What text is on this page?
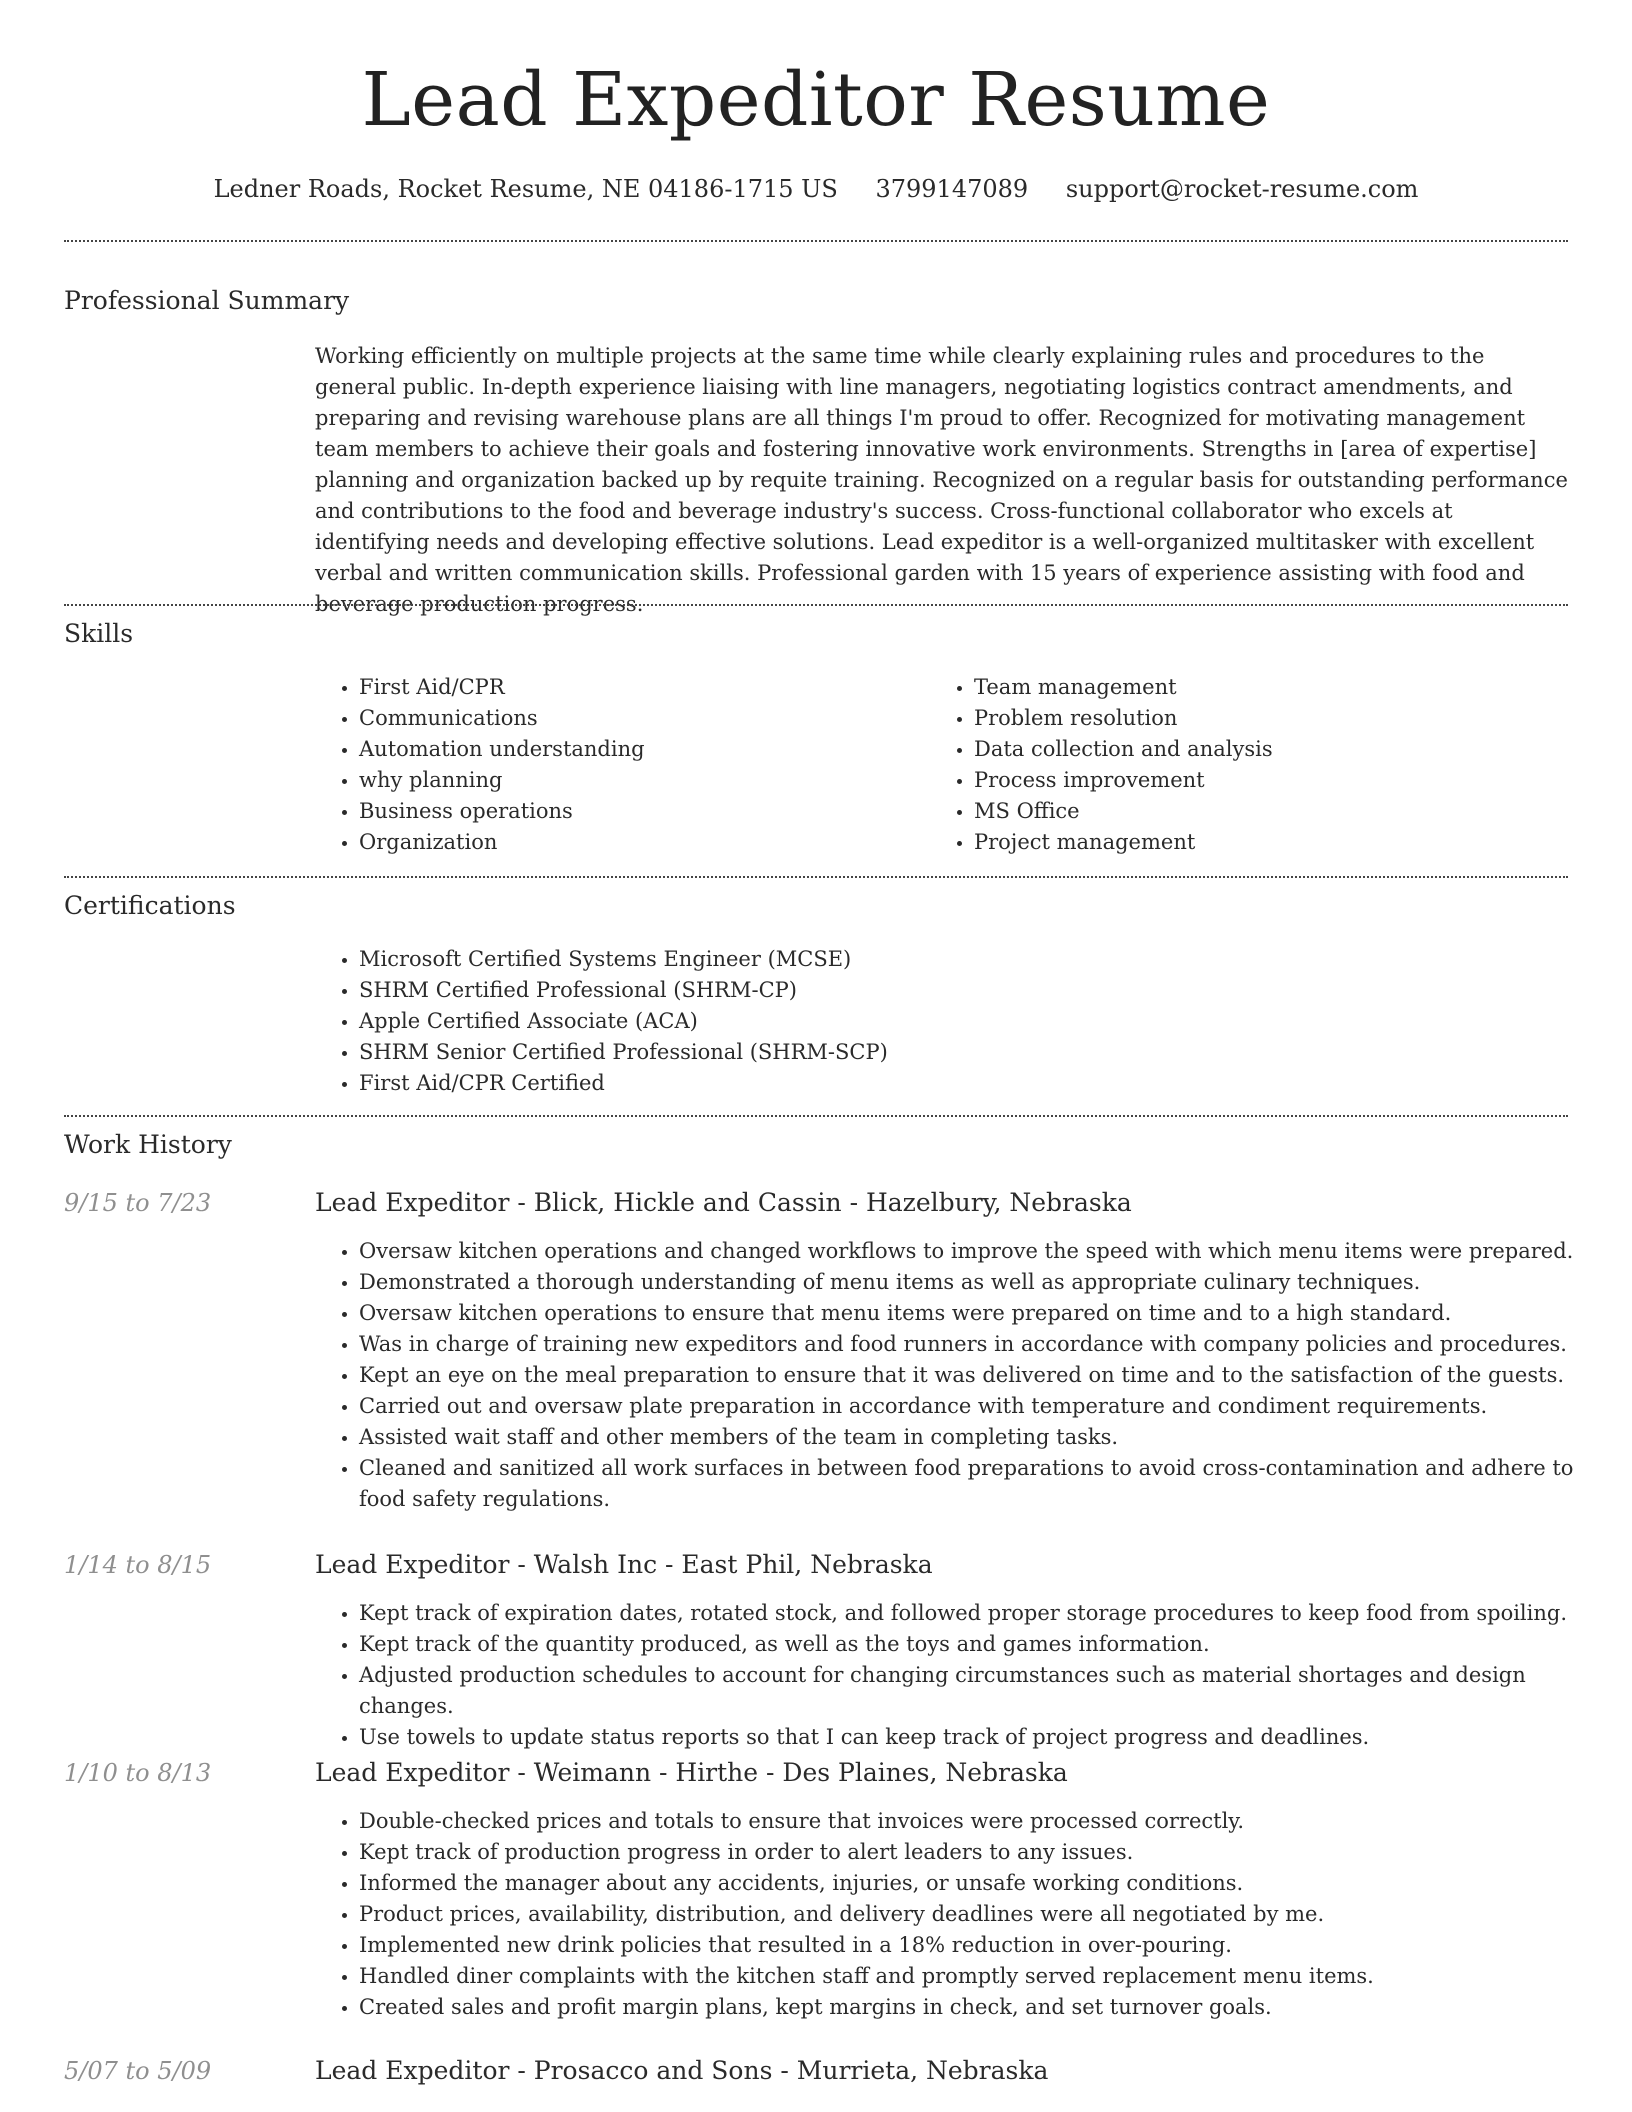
Lead Expeditor Resume
Ledner Roads, Rocket Resume, NE 04186-1715 US 3799147089 support@rocket-resume.com
Professional Summary

Working efficiently on multiple projects at the same time while clearly explaining rules and procedures to the general public. In-depth experience liaising with line managers, negotiating logistics contract amendments, and preparing and revising warehouse plans are all things I'm proud to offer. Recognized for motivating management team members to achieve their goals and fostering innovative work environments. Strengths in [area of expertise] planning and organization backed up by requite training. Recognized on a regular basis for outstanding performance and contributions to the food and beverage industry's success. Cross-functional collaborator who excels at identifying needs and developing effective solutions. Lead expeditor is a well-organized multitasker with excellent verbal and written communication skills. Professional garden with 15 years of experience assisting with food and beverage production progress.

Skills
• First Aid/CPR
• Communications
• Automation understanding
• why planning
• Business operations
• Organization
• Team management
• Problem resolution
• Data collection and analysis
• Process improvement
• MS Office
• Project management
Certifications
• Microsoft Certified Systems Engineer (MCSE)
• SHRM Certified Professional (SHRM-CP)
• Apple Certified Associate (ACA)
• SHRM Senior Certified Professional (SHRM-SCP)
• First Aid/CPR Certified
Work History
9/15 to 7/23	Lead Expeditor - Blick, Hickle and Cassin - Hazelbury, Nebraska
• Oversaw kitchen operations and changed workflows to improve the speed with which menu items were prepared.
• Demonstrated a thorough understanding of menu items as well as appropriate culinary techniques.
• Oversaw kitchen operations to ensure that menu items were prepared on time and to a high standard.
• Was in charge of training new expeditors and food runners in accordance with company policies and procedures.
• Kept an eye on the meal preparation to ensure that it was delivered on time and to the satisfaction of the guests.
• Carried out and oversaw plate preparation in accordance with temperature and condiment requirements.
• Assisted wait staff and other members of the team in completing tasks.
• Cleaned and sanitized all work surfaces in between food preparations to avoid cross-contamination and adhere to food safety regulations.
1/14 to 8/15	Lead Expeditor - Walsh Inc - East Phil, Nebraska
• Kept track of expiration dates, rotated stock, and followed proper storage procedures to keep food from spoiling.
• Kept track of the quantity produced, as well as the toys and games information.
• Adjusted production schedules to account for changing circumstances such as material shortages and design changes.
• Use towels to update status reports so that I can keep track of project progress and deadlines.
1/10 to 8/13	Lead Expeditor - Weimann - Hirthe - Des Plaines, Nebraska
• Double-checked prices and totals to ensure that invoices were processed correctly.
• Kept track of production progress in order to alert leaders to any issues.
• Informed the manager about any accidents, injuries, or unsafe working conditions.
• Product prices, availability, distribution, and delivery deadlines were all negotiated by me.
• Implemented new drink policies that resulted in a 18% reduction in over-pouring.
• Handled diner complaints with the kitchen staff and promptly served replacement menu items.
• Created sales and profit margin plans, kept margins in check, and set turnover goals.
5/07 to 5/09	Lead Expeditor - Prosacco and Sons - Murrieta, Nebraska
